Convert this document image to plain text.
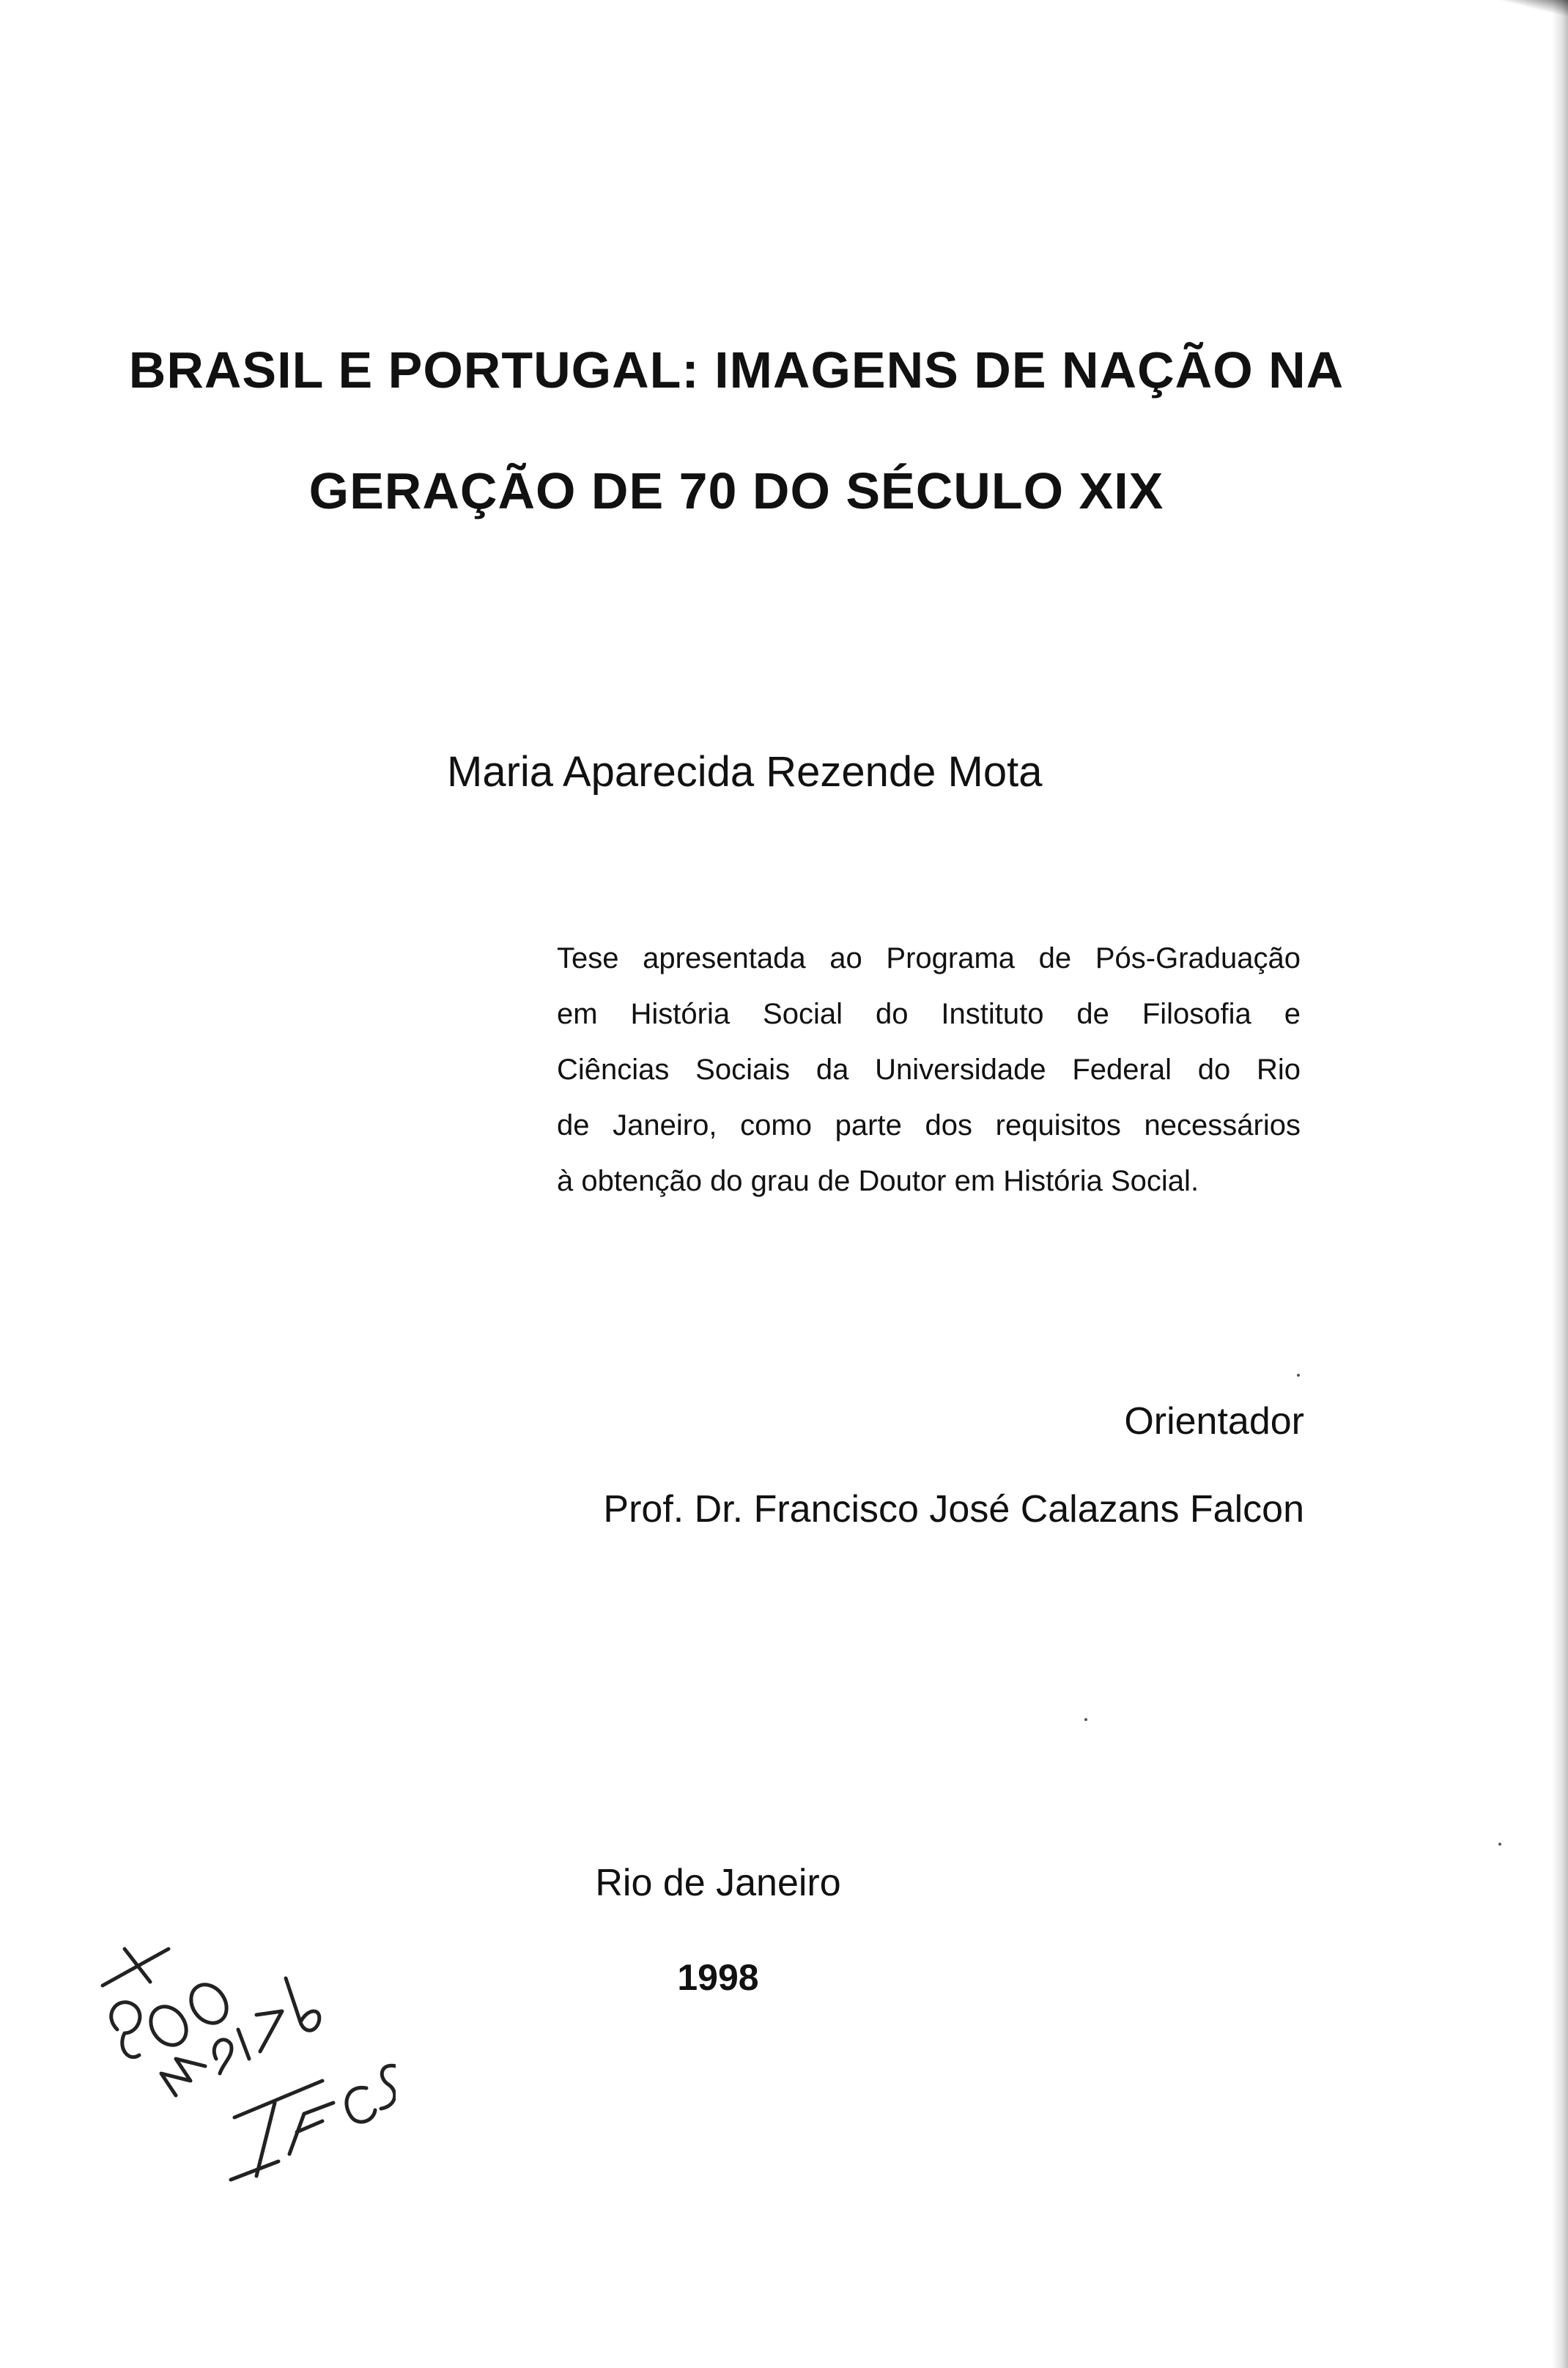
BRASIL E PORTUGAL: IMAGENS DE NAÇÃO NA
GERAÇÃO DE 70 DO SÉCULO XIX
Maria Aparecida Rezende Mota
Tese apresentada ao Programa de Pós-Graduação
em História Social do Instituto de Filosofia e
Ciências Sociais da Universidade Federal do Rio
de Janeiro, como parte dos requisitos necessários
à obtenção do grau de Doutor em História Social.
Orientador
Prof. Dr. Francisco José Calazans Falcon
Rio de Janeiro
1998
